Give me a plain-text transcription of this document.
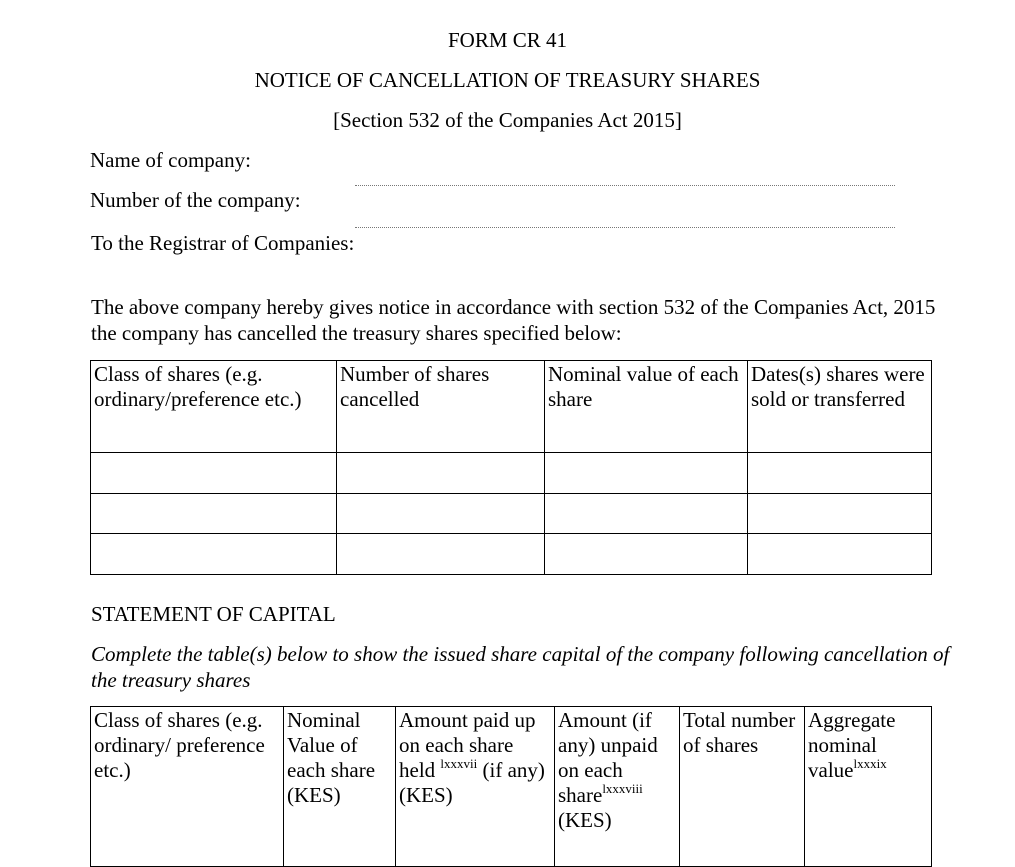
FORM CR 41
NOTICE OF CANCELLATION OF TREASURY SHARES
[Section 532 of the Companies Act 2015]
Name of company:
Number of the company:
To the Registrar of Companies:
The above company hereby gives notice in accordance with section 532 of the Companies Act, 2015 the company has cancelled the treasury shares specified below:
Class of shares (e.g. ordinary/preference etc.)	Number of shares cancelled	Nominal value of each share	Dates(s) shares were sold or transferred

STATEMENT OF CAPITAL
Complete the table(s) below to show the issued share capital of the company following cancellation of the treasury shares
Class of shares (e.g. ordinary/ preference etc.)	Nominal Value of each share (KES)	Amount paid up on each share held $^{lxxxvii}$ (if any) (KES)	Amount (if any) unpaid on each share$^{lxxxviii}$ (KES)	Total number of shares	Aggregate nominal value$^{lxxxix}$
